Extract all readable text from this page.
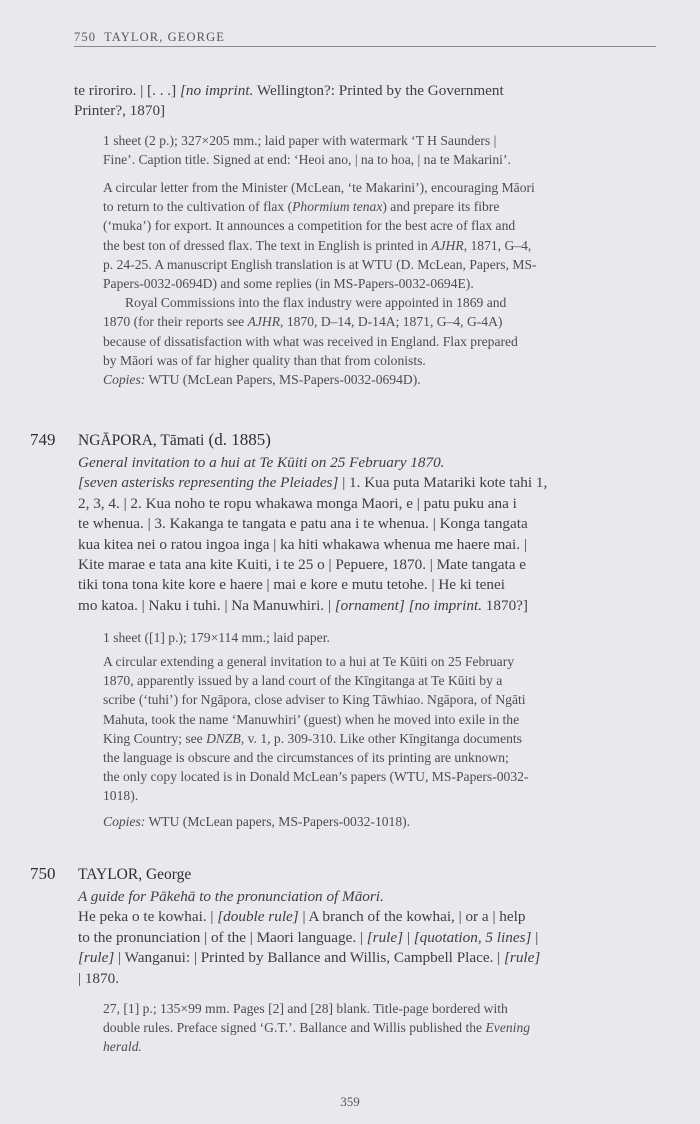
750 TAYLOR, GEORGE

te riroriro. | [. . .] [no imprint. Wellington?: Printed by the Government

Printer?, 1870]

1 sheet (2 p.); 327×205 mm.; laid paper with watermark ‘T H Saunders |

Fine’. Caption title. Signed at end: ‘Heoi ano, | na to hoa, | na te Makarini’.

A circular letter from the Minister (McLean, ‘te Makarini’), encouraging Māori

to return to the cultivation of flax (Phormium tenax) and prepare its fibre

(‘muka’) for export. It announces a competition for the best acre of flax and

the best ton of dressed flax. The text in English is printed in AJHR, 1871, G–4,

p. 24-25. A manuscript English translation is at WTU (D. McLean, Papers, MS-

Papers-0032-0694D) and some replies (in MS-Papers-0032-0694E).

Royal Commissions into the flax industry were appointed in 1869 and

1870 (for their reports see AJHR, 1870, D–14, D-14A; 1871, G–4, G-4A)

because of dissatisfaction with what was received in England. Flax prepared

by Māori was of far higher quality than that from colonists.

Copies: WTU (McLean Papers, MS-Papers-0032-0694D).

749 NGĀPORA, Tāmati (d. 1885)

General invitation to a hui at Te Kūiti on 25 February 1870.

[seven asterisks representing the Pleiades] | 1. Kua puta Matariki kote tahi 1,

2, 3, 4. | 2. Kua noho te ropu whakawa monga Maori, e | patu puku ana i

te whenua. | 3. Kakanga te tangata e patu ana i te whenua. | Konga tangata

kua kitea nei o ratou ingoa inga | ka hiti whakawa whenua me haere mai. |

Kite marae e tata ana kite Kuiti, i te 25 o | Pepuere, 1870. | Mate tangata e

tiki tona tona kite kore e haere | mai e kore e mutu tetohe. | He ki tenei

mo katoa. | Naku i tuhi. | Na Manuwhiri. | [ornament] [no imprint. 1870?]

1 sheet ([1] p.); 179×114 mm.; laid paper.

A circular extending a general invitation to a hui at Te Kūiti on 25 February

1870, apparently issued by a land court of the Kīngitanga at Te Kūiti by a

scribe (‘tuhi’) for Ngāpora, close adviser to King Tāwhiao. Ngāpora, of Ngāti

Mahuta, took the name ‘Manuwhiri’ (guest) when he moved into exile in the

King Country; see DNZB, v. 1, p. 309-310. Like other Kīngitanga documents

the language is obscure and the circumstances of its printing are unknown;

the only copy located is in Donald McLean’s papers (WTU, MS-Papers-0032-

1018).

Copies: WTU (McLean papers, MS-Papers-0032-1018).

750 TAYLOR, George

A guide for Pākehā to the pronunciation of Māori.

He peka o te kowhai. | [double rule] | A branch of the kowhai, | or a | help

to the pronunciation | of the | Maori language. | [rule] | [quotation, 5 lines] |

[rule] | Wanganui: | Printed by Ballance and Willis, Campbell Place. | [rule]

| 1870.

27, [1] p.; 135×99 mm. Pages [2] and [28] blank. Title-page bordered with

double rules. Preface signed ‘G.T.’. Ballance and Willis published the Evening

herald.

359
